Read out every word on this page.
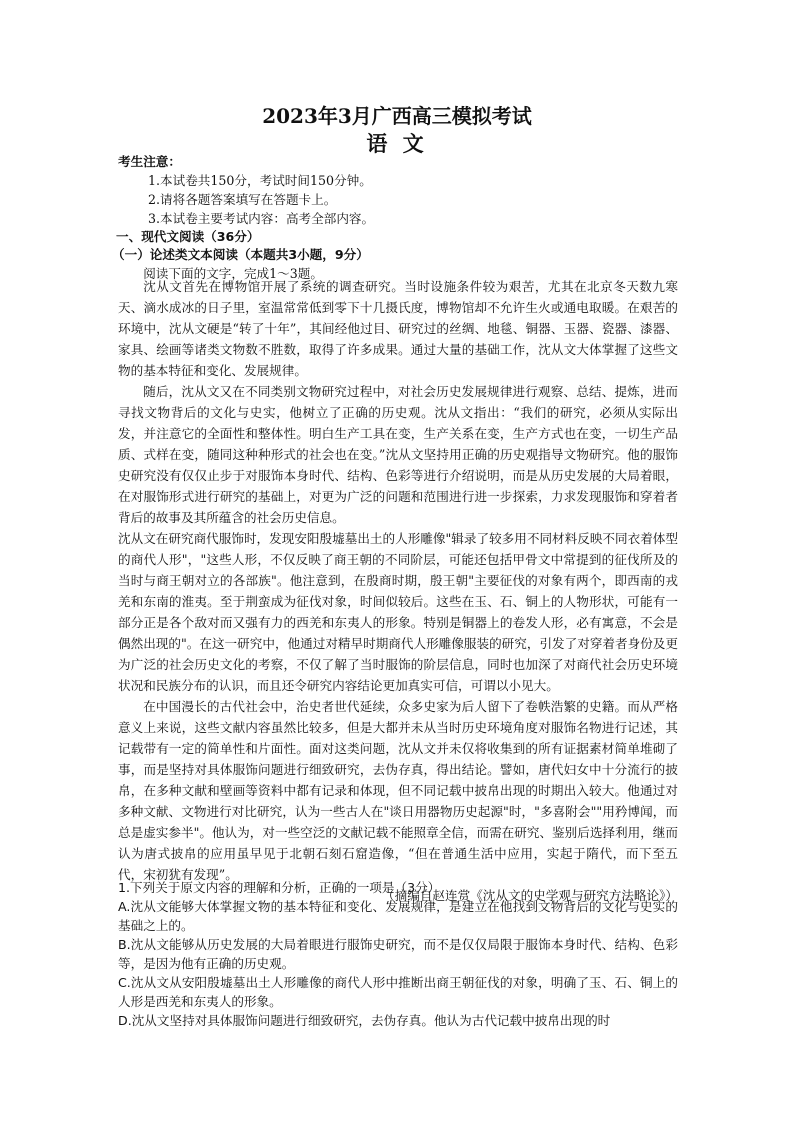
2023年3月广西高三模拟考试
语 文
考生注意：
1.本试卷共150分，考试时间150分钟。
2.请将各题答案填写在答题卡上。
3.本试卷主要考试内容：高考全部内容。
一、现代文阅读（36分）
（一）论述类文本阅读（本题共3小题，9分）

阅读下面的文字，完成1～3题。

沈从文首先在博物馆开展了系统的调查研究。当时设施条件较为艰苦，尤其在北京冬天数九寒天、滴水成冰的日子里，室温常常低到零下十几摄氏度，博物馆却不允许生火或通电取暖。在艰苦的环境中，沈从文硬是“转了十年”，其间经他过目、研究过的丝绸、地毯、铜器、玉器、瓷器、漆器、家具、绘画等诸类文物数不胜数，取得了许多成果。通过大量的基础工作，沈从文大体掌握了这些文物的基本特征和变化、发展规律。

随后，沈从文又在不同类别文物研究过程中，对社会历史发展规律进行观察、总结、提炼，进而寻找文物背后的文化与史实，他树立了正确的历史观。沈从文指出：“我们的研究，必须从实际出发，并注意它的全面性和整体性。明白生产工具在变，生产关系在变，生产方式也在变，一切生产品质、式样在变，随同这种种形式的社会也在变。”沈从文坚持用正确的历史观指导文物研究。他的服饰史研究没有仅仅止步于对服饰本身时代、结构、色彩等进行介绍说明，而是从历史发展的大局着眼，在对服饰形式进行研究的基础上，对更为广泛的问题和范围进行进一步探索，力求发现服饰和穿着者背后的故事及其所蕴含的社会历史信息。

沈从文在研究商代服饰时，发现安阳殷墟墓出土的人形雕像"辑录了较多用不同材料反映不同衣着体型的商代人形"，"这些人形，不仅反映了商王朝的不同阶层，可能还包括甲骨文中常提到的征伐所及的当时与商王朝对立的各部族"。他注意到，在殷商时期，殷王朝"主要征伐的对象有两个，即西南的戎羌和东南的淮夷。至于荆蛮成为征伐对象，时间似较后。这些在玉、石、铜上的人物形状，可能有一部分正是各个敌对而又强有力的西羌和东夷人的形象。特别是铜器上的卷发人形，必有寓意，不会是偶然出现的"。在这一研究中，他通过对精早时期商代人形雕像服装的研究，引发了对穿着者身份及更为广泛的社会历史文化的考察，不仅了解了当时服饰的阶层信息，同时也加深了对商代社会历史环境状况和民族分布的认识，而且还令研究内容结论更加真实可信，可谓以小见大。

在中国漫长的古代社会中，治史者世代延续，众多史家为后人留下了卷帙浩繁的史籍。而从严格意义上来说，这些文献内容虽然比较多，但是大都并未从当时历史环境角度对服饰名物进行记述，其记载带有一定的简单性和片面性。面对这类问题，沈从文并未仅将收集到的所有证据素材简单堆砌了事，而是坚持对具体服饰问题进行细致研究，去伪存真，得出结论。譬如，唐代妇女中十分流行的披帛，在多种文献和壁画等资料中都有记录和体现，但不同记载中披帛出现的时期出入较大。他通过对多种文献、文物进行对比研究，认为一些古人在"谈日用器物历史起源"时，"多喜附会""用矜博闻，而总是虚实参半"。他认为，对一些空泛的文献记载不能照章全信，而需在研究、鉴别后选择利用，继而认为唐式披帛的应用虽早见于北朝石刻石窟造像，“但在普通生活中应用，实起于隋代，而下至五代，宋初犹有发现”。

（摘编自赵连赏《沈从文的史学观与研究方法略论》）

1.下列关于原文内容的理解和分析，正确的一项是（3分）

A.沈从文能够大体掌握文物的基本特征和变化、发展规律，是建立在他找到文物背后的文化与史实的基础之上的。

B.沈从文能够从历史发展的大局着眼进行服饰史研究，而不是仅仅局限于服饰本身时代、结构、色彩等，是因为他有正确的历史观。

C.沈从文从安阳殷墟墓出土人形雕像的商代人形中推断出商王朝征伐的对象，明确了玉、石、铜上的人形是西羌和东夷人的形象。

D.沈从文坚持对具体服饰问题进行细致研究，去伪存真。他认为古代记载中披帛出现的时
